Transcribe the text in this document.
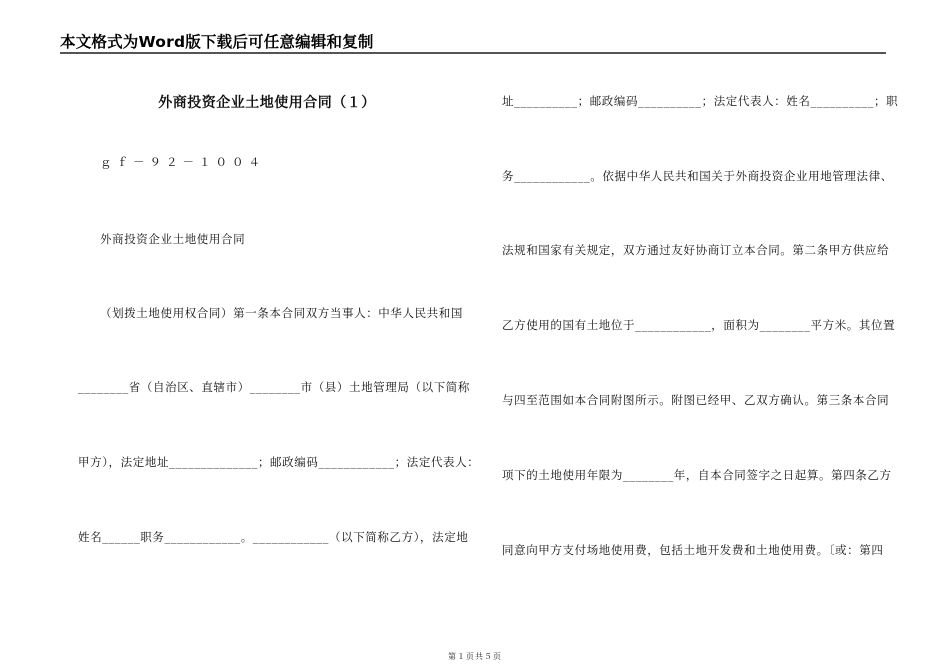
本文格式为Word版下载后可任意编辑和复制
外商投资企业土地使用合同（１）
ｇｆ－９２－１００４
外商投资企业土地使用合同
（划拨土地使用权合同）第一条本合同双方当事人：中华人民共和国
________省（自治区、直辖市）________市（县）土地管理局（以下简称
甲方），法定地址______________；邮政编码____________；法定代表人：
姓名______职务____________。____________（以下简称乙方），法定地
址__________；邮政编码__________；法定代表人：姓名__________；职
务____________。依据中华人民共和国关于外商投资企业用地管理法律、
法规和国家有关规定，双方通过友好协商订立本合同。第二条甲方供应给
乙方使用的国有土地位于____________，面积为________平方米。其位置
与四至范围如本合同附图所示。附图已经甲、乙双方确认。第三条本合同
项下的土地使用年限为________年，自本合同签字之日起算。第四条乙方
同意向甲方支付场地使用费，包括土地开发费和土地使用费。〔或：第四
第１页共５页
